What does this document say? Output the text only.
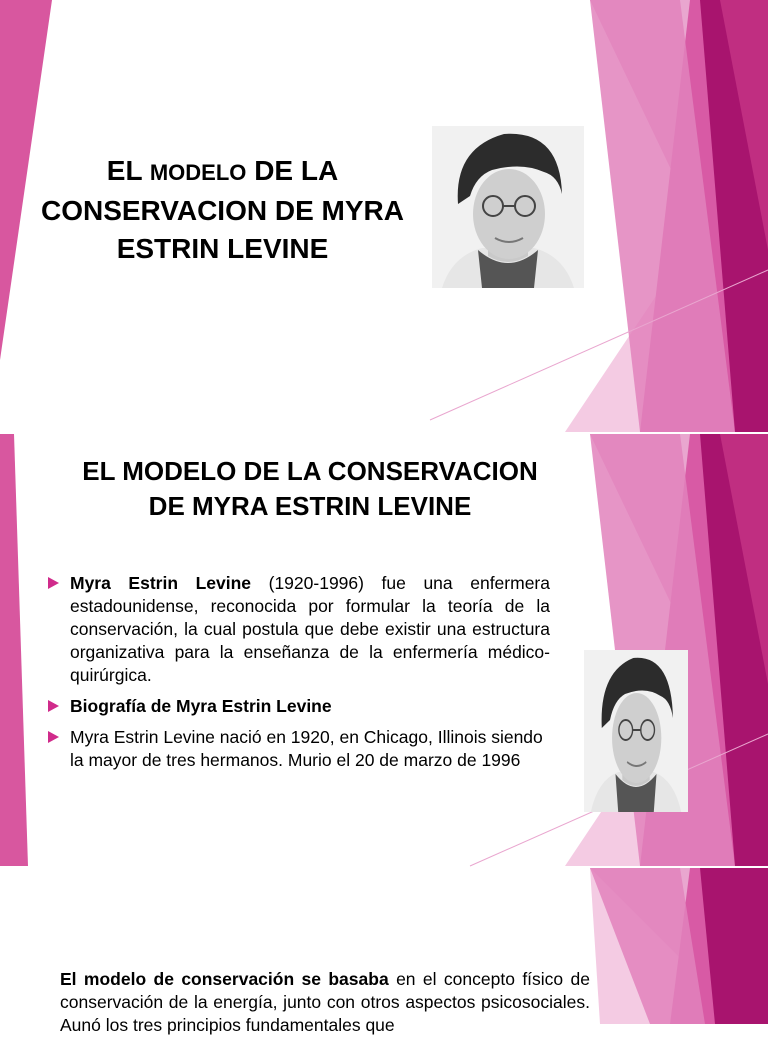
EL MODELO DE LA
CONSERVACION DE MYRA
ESTRIN LEVINE
EL MODELO DE LA CONSERVACION
DE MYRA ESTRIN LEVINE
Myra Estrin Levine (1920-1996) fue una enfermera estadounidense, reconocida por formular la teoría de la conservación, la cual postula que debe existir una estructura organizativa para la enseñanza de la enfermería médico-quirúrgica.
Biografía de Myra Estrin Levine
Myra Estrin Levine nació en 1920, en Chicago, Illinois siendo la mayor de tres hermanos. Murio el 20 de marzo de 1996

El modelo de conservación se basaba en el concepto físico de conservación de la energía, junto con otros aspectos psicosociales. Aunó los tres principios fundamentales que
